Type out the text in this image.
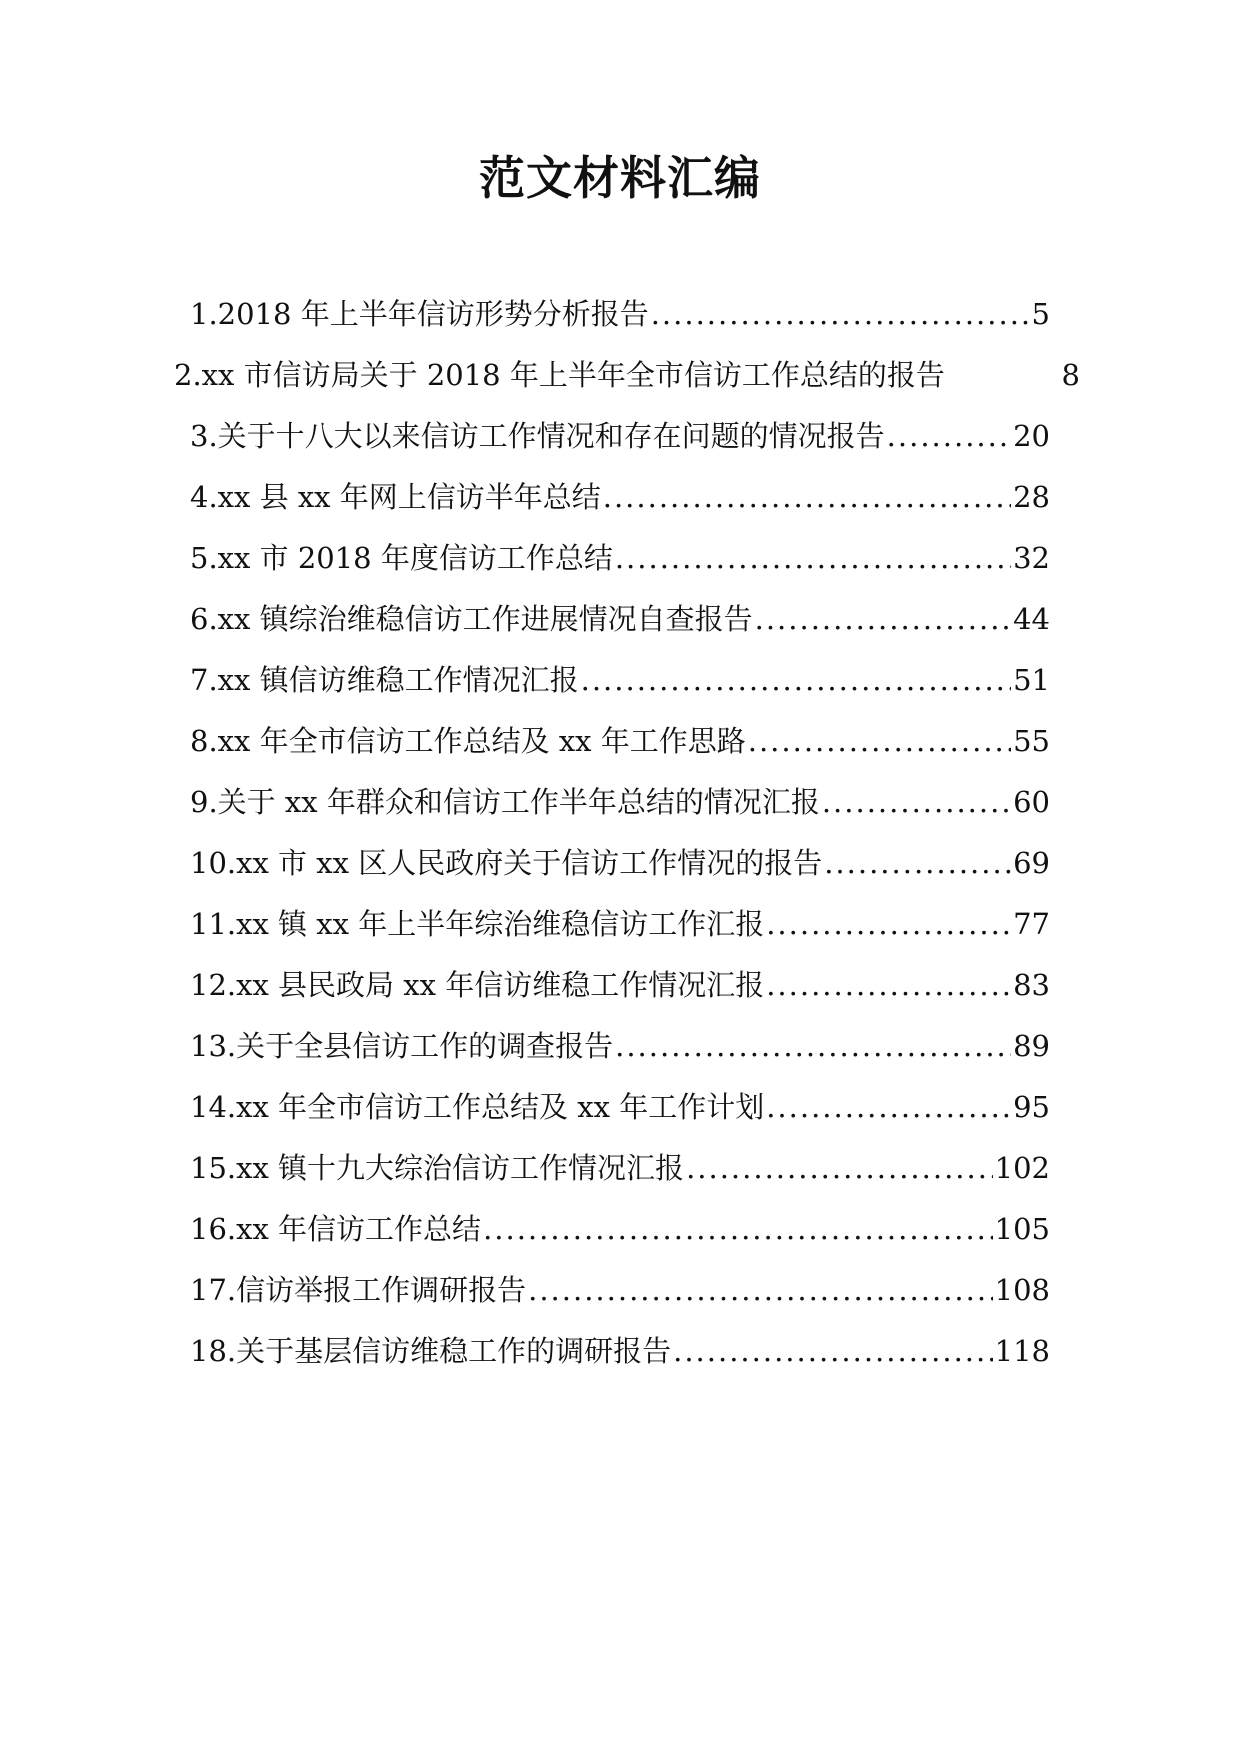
范文材料汇编
1.2018 年上半年信访形势分析报告 .....	5
2.xx 市信访局关于 2018 年上半年全市信访工作总结的报告	8
3.关于十八大以来信访工作情况和存在问题的情况报告 .....	20
4.xx 县 xx 年网上信访半年总结 .....	28
5.xx 市 2018 年度信访工作总结 .....	32
6.xx 镇综治维稳信访工作进展情况自查报告 .....	44
7.xx 镇信访维稳工作情况汇报 .....	51
8.xx 年全市信访工作总结及 xx 年工作思路 .....	55
9.关于 xx 年群众和信访工作半年总结的情况汇报 .....	60
10.xx 市 xx 区人民政府关于信访工作情况的报告 .....	69
11.xx 镇 xx 年上半年综治维稳信访工作汇报 .....	77
12.xx 县民政局 xx 年信访维稳工作情况汇报 .....	83
13.关于全县信访工作的调查报告 .....	89
14.xx 年全市信访工作总结及 xx 年工作计划 .....	95
15.xx 镇十九大综治信访工作情况汇报 .....	102
16.xx 年信访工作总结 .....	105
17.信访举报工作调研报告 .....	108
18.关于基层信访维稳工作的调研报告 .....	118
